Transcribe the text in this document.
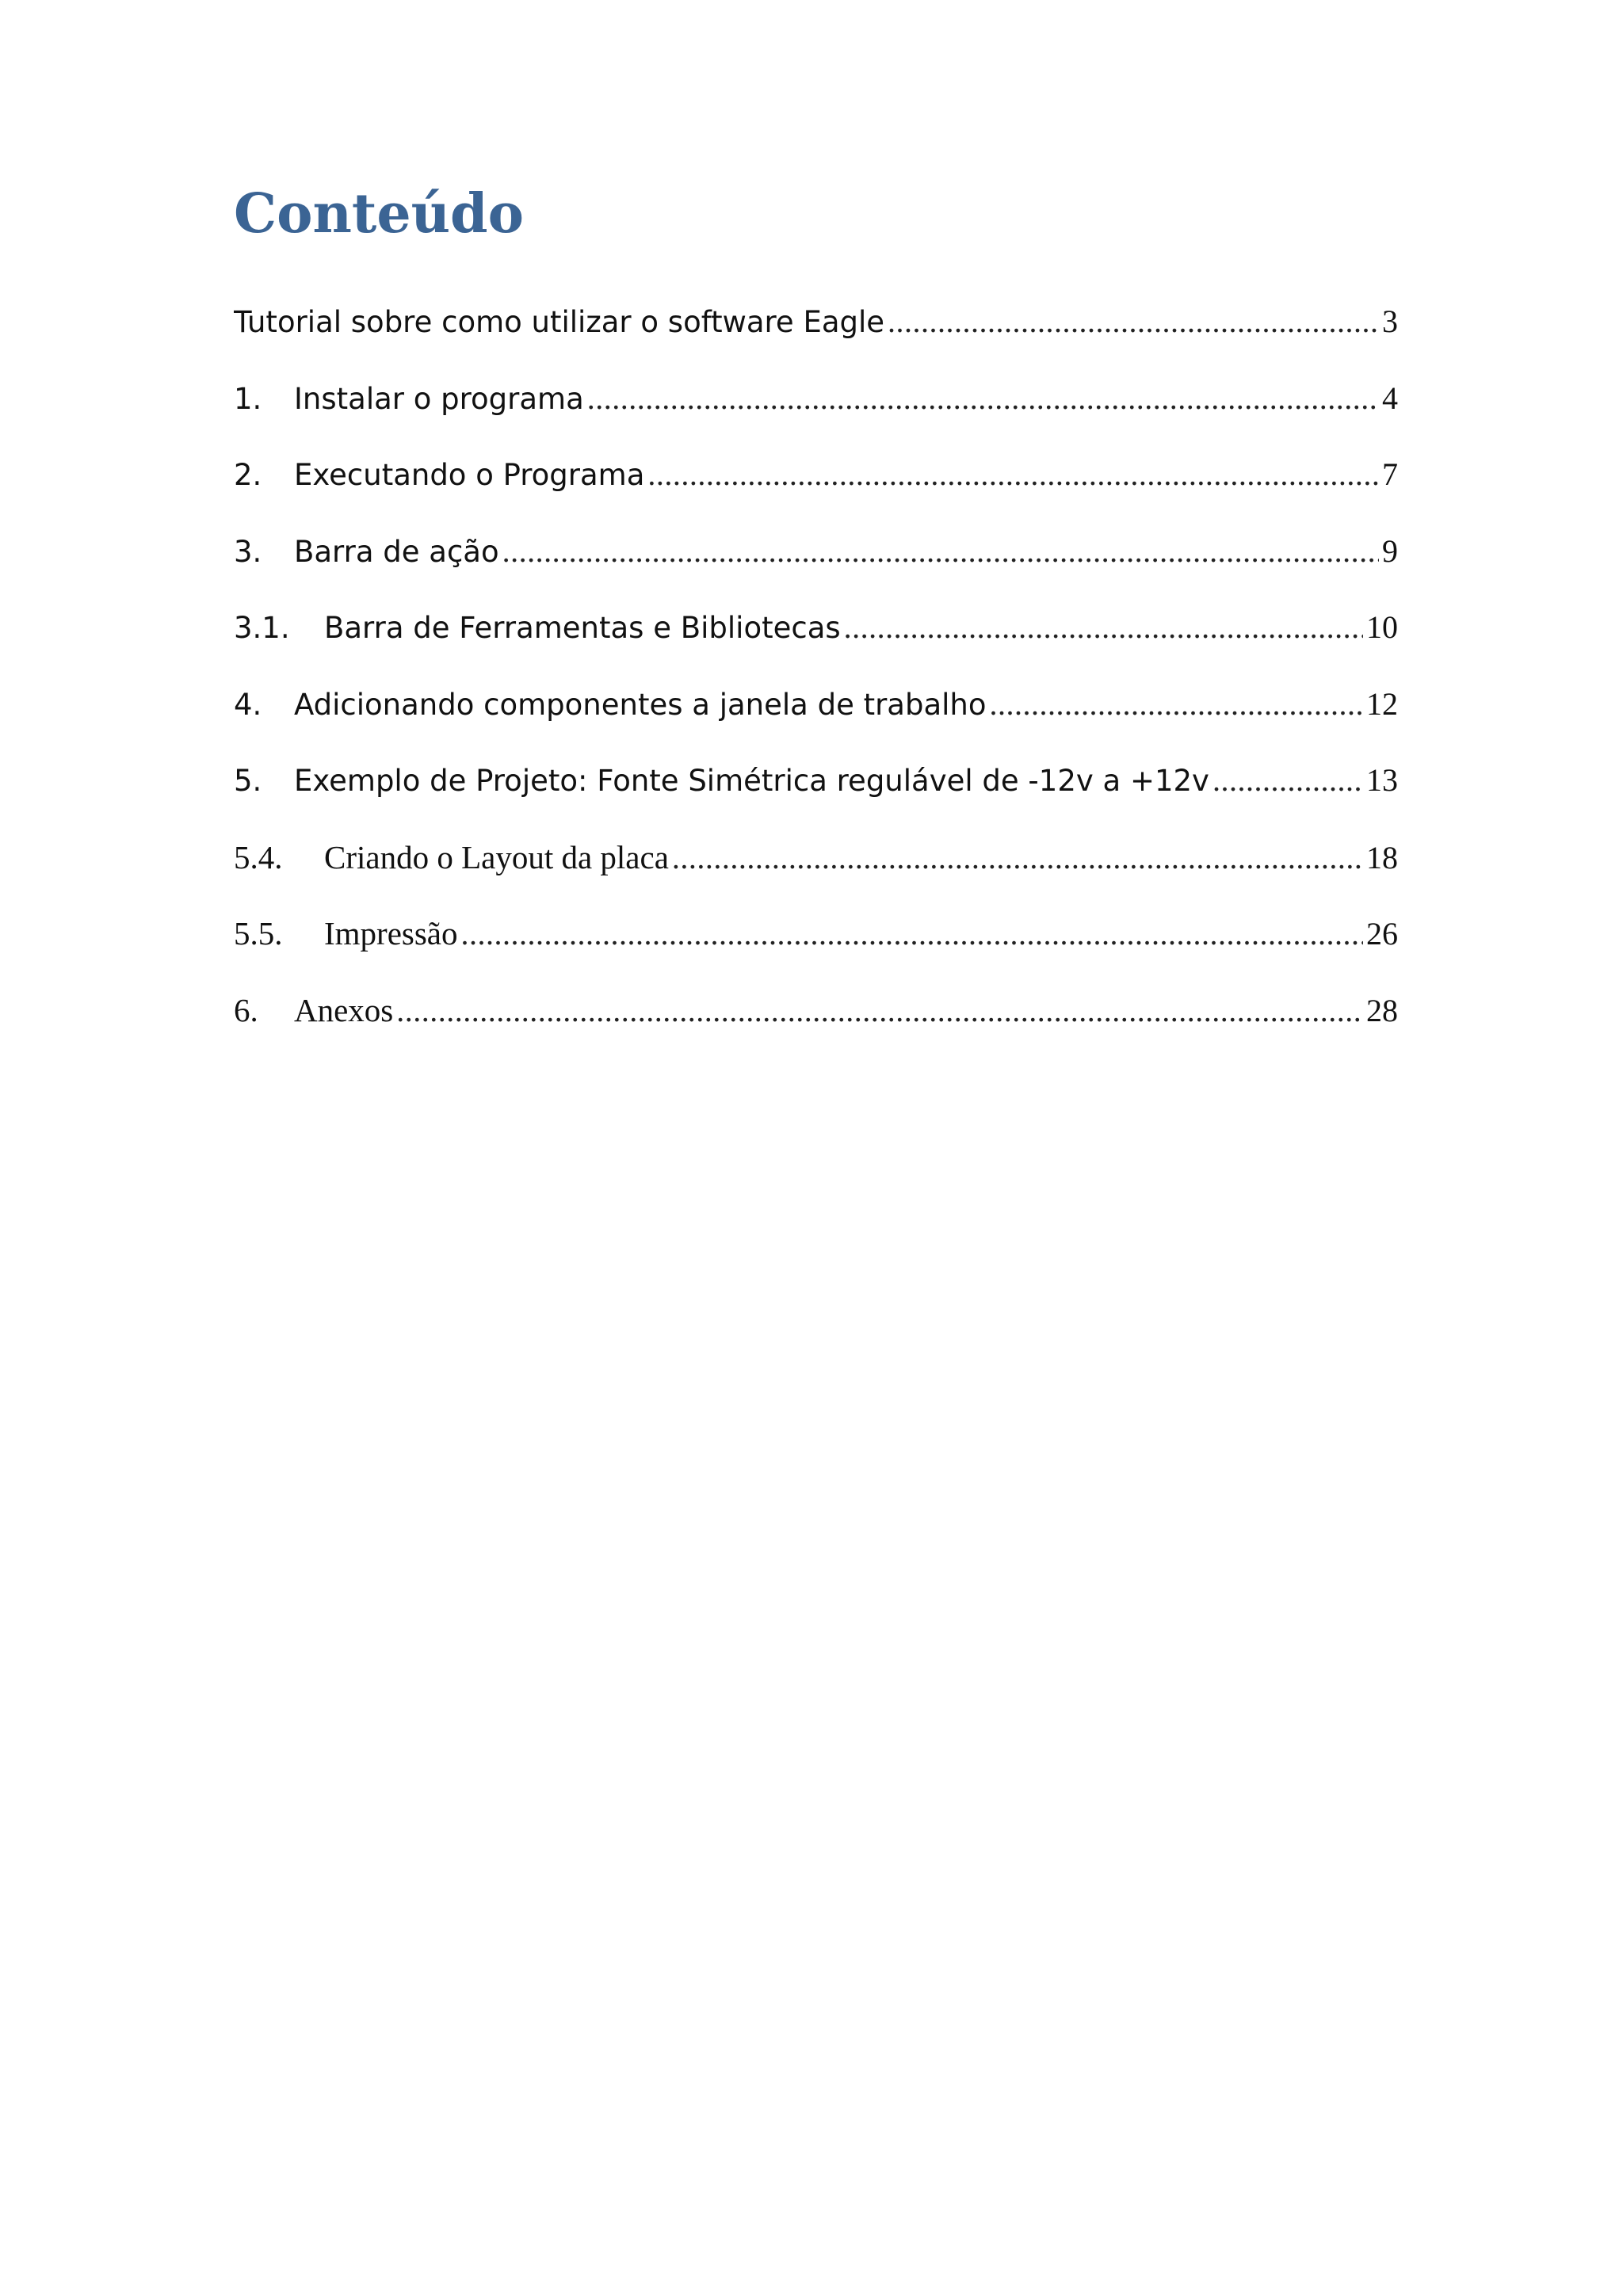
Conteúdo
Tutorial sobre como utilizar o software Eagle .....	3
1.	Instalar o programa .....	4
2.	Executando o Programa .....	7
3.	Barra de ação .....	9
3.1.	Barra de Ferramentas e Bibliotecas .....	10
4.	Adicionando componentes a janela de trabalho .....	12
5.	Exemplo de Projeto: Fonte Simétrica regulável de -12v a +12v .....	13
5.4.	Criando o Layout da placa .....	18
5.5.	Impressão .....	26
6.	Anexos .....	28
